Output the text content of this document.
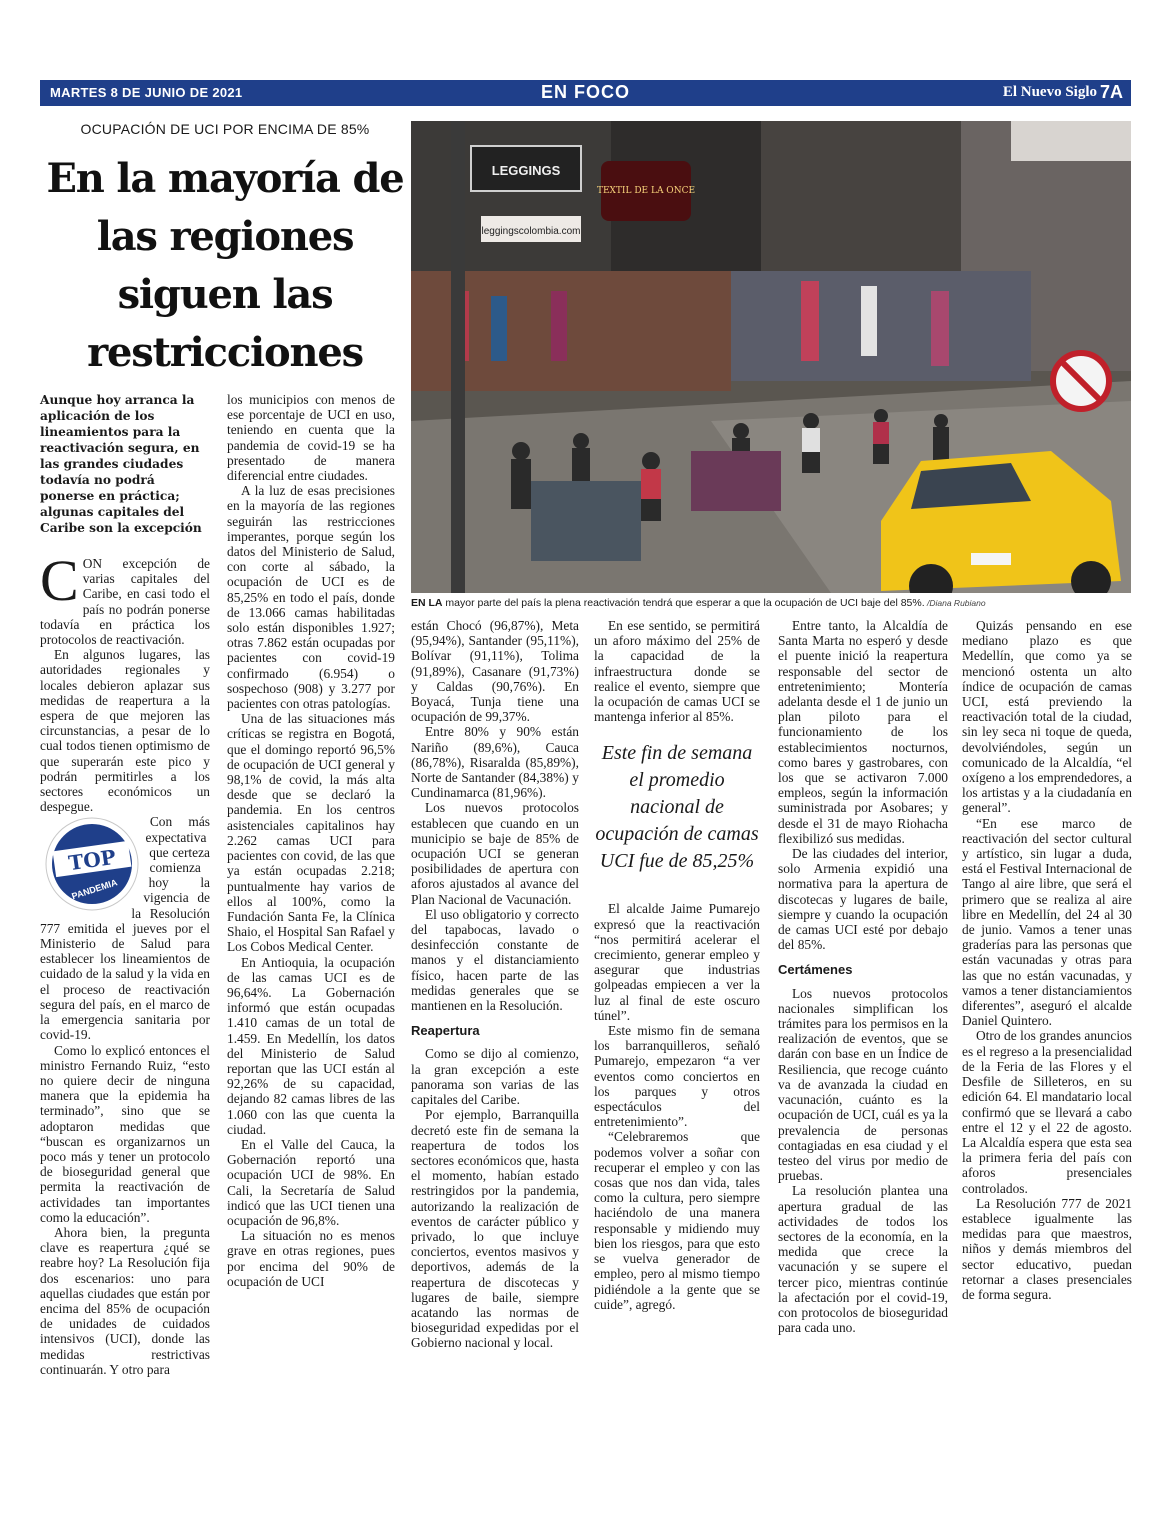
MARTES 8 DE JUNIO DE 2021	EN FOCO	El Nuevo Siglo 7A
OCUPACIÓN DE UCI POR ENCIMA DE 85%
En la mayoría de las regiones siguen las restricciones
LEGGINGS
leggingscolombia.com
TEXTIL DE LA ONCE
EN LA mayor parte del país la plena reactivación tendrá que esperar a que la ocupación de UCI baje del 85%. /Diana Rubiano

Aunque hoy arranca la aplicación de los lineamientos para la reactivación segura, en las grandes ciudades todavía no podrá ponerse en práctica; algunas capitales del Caribe son la excepción

CON excepción de varias capitales del Caribe, en casi todo el país no podrán ponerse todavía en práctica los protocolos de reactivación.

En algunos lugares, las autoridades regionales y locales debieron aplazar sus medidas de reapertura a la espera de que mejoren las circunstancias, a pesar de lo cual todos tienen optimismo de que superarán este pico y podrán permitirles a los sectores económicos un despegue.

TOP
PANDEMIA

Con más expectativa que certeza comienza hoy la vigencia de la Resolución 777 emitida el jueves por el Ministerio de Salud para establecer los lineamientos de cuidado de la salud y la vida en el proceso de reactivación segura del país, en el marco de la emergencia sanitaria por covid-19.

Como lo explicó entonces el ministro Fernando Ruiz, “esto no quiere decir de ninguna manera que la epidemia ha terminado”, sino que se adoptaron medidas que “buscan es organizarnos un poco más y tener un protocolo de bioseguridad general que permita la reactivación de actividades tan importantes como la educación”.

Ahora bien, la pregunta clave es reapertura ¿qué se reabre hoy? La Resolución fija dos escenarios: uno para aquellas ciudades que están por encima del 85% de ocupación de unidades de cuidados intensivos (UCI), donde las medidas restrictivas continuarán. Y otro para

los municipios con menos de ese porcentaje de UCI en uso, teniendo en cuenta que la pandemia de covid-19 se ha presentado de manera diferencial entre ciudades.

A la luz de esas precisiones en la mayoría de las regiones seguirán las restricciones imperantes, porque según los datos del Ministerio de Salud, con corte al sábado, la ocupación de UCI es de 85,25% en todo el país, donde de 13.066 camas habilitadas solo están disponibles 1.927; otras 7.862 están ocupadas por pacientes con covid-19 confirmado (6.954) o sospechoso (908) y 3.277 por pacientes con otras patologías.

Una de las situaciones más críticas se registra en Bogotá, que el domingo reportó 96,5% de ocupación de UCI general y 98,1% de covid, la más alta desde que se declaró la pandemia. En los centros asistenciales capitalinos hay 2.262 camas UCI para pacientes con covid, de las que ya están ocupadas 2.218; puntualmente hay varios de ellos al 100%, como la Fundación Santa Fe, la Clínica Shaio, el Hospital San Rafael y Los Cobos Medical Center.

En Antioquia, la ocupación de las camas UCI es de 96,64%. La Gobernación informó que están ocupadas 1.410 camas de un total de 1.459. En Medellín, los datos del Ministerio de Salud reportan que las UCI están al 92,26% de su capacidad, dejando 82 camas libres de las 1.060 con las que cuenta la ciudad.

En el Valle del Cauca, la Gobernación reportó una ocupación UCI de 98%. En Cali, la Secretaría de Salud indicó que las UCI tienen una ocupación de 96,8%.

La situación no es menos grave en otras regiones, pues por encima del 90% de ocupación de UCI

están Chocó (96,87%), Meta (95,94%), Santander (95,11%), Bolívar (91,11%), Tolima (91,89%), Casanare (91,73%) y Caldas (90,76%). En Boyacá, Tunja tiene una ocupación de 99,37%.

Entre 80% y 90% están Nariño (89,6%), Cauca (86,78%), Risaralda (85,89%), Norte de Santander (84,38%) y Cundinamarca (81,96%).

Los nuevos protocolos establecen que cuando en un municipio se baje de 85% de ocupación UCI se generan posibilidades de apertura con aforos ajustados al avance del Plan Nacional de Vacunación.

El uso obligatorio y correcto del tapabocas, lavado o desinfección constante de manos y el distanciamiento físico, hacen parte de las medidas generales que se mantienen en la Resolución.

Reapertura

Como se dijo al comienzo, la gran excepción a este panorama son varias de las capitales del Caribe.

Por ejemplo, Barranquilla decretó este fin de semana la reapertura de todos los sectores económicos que, hasta el momento, habían estado restringidos por la pandemia, autorizando la realización de eventos de carácter público y privado, lo que incluye conciertos, eventos masivos y deportivos, además de la reapertura de discotecas y lugares de baile, siempre acatando las normas de bioseguridad expedidas por el Gobierno nacional y local.

En ese sentido, se permitirá un aforo máximo del 25% de la capacidad de la infraestructura donde se realice el evento, siempre que la ocupación de camas UCI se mantenga inferior al 85%.

Este fin de semana el promedio nacional de ocupación de camas UCI fue de 85,25%

El alcalde Jaime Pumarejo expresó que la reactivación “nos permitirá acelerar el crecimiento, generar empleo y asegurar que industrias golpeadas empiecen a ver la luz al final de este oscuro túnel”.

Este mismo fin de semana los barranquilleros, señaló Pumarejo, empezaron “a ver eventos como conciertos en los parques y otros espectáculos del entretenimiento”.

“Celebraremos que podemos volver a soñar con recuperar el empleo y con las cosas que nos dan vida, tales como la cultura, pero siempre haciéndolo de una manera responsable y midiendo muy bien los riesgos, para que esto se vuelva generador de empleo, pero al mismo tiempo pidiéndole a la gente que se cuide”, agregó.

Entre tanto, la Alcaldía de Santa Marta no esperó y desde el puente inició la reapertura responsable del sector de entretenimiento; Montería adelanta desde el 1 de junio un plan piloto para el funcionamiento de los establecimientos nocturnos, como bares y gastrobares, con los que se activaron 7.000 empleos, según la información suministrada por Asobares; y desde el 31 de mayo Riohacha flexibilizó sus medidas.

De las ciudades del interior, solo Armenia expidió una normativa para la apertura de discotecas y lugares de baile, siempre y cuando la ocupación de camas UCI esté por debajo del 85%.

Certámenes

Los nuevos protocolos nacionales simplifican los trámites para los permisos en la realización de eventos, que se darán con base en un Índice de Resiliencia, que recoge cuánto va de avanzada la ciudad en vacunación, cuánto es la ocupación de UCI, cuál es ya la prevalencia de personas contagiadas en esa ciudad y el testeo del virus por medio de pruebas.

La resolución plantea una apertura gradual de las actividades de todos los sectores de la economía, en la medida que crece la vacunación y se supere el tercer pico, mientras continúe la afectación por el covid-19, con protocolos de bioseguridad para cada uno.

Quizás pensando en ese mediano plazo es que Medellín, que como ya se mencionó ostenta un alto índice de ocupación de camas UCI, está previendo la reactivación total de la ciudad, sin ley seca ni toque de queda, devolviéndoles, según un comunicado de la Alcaldía, “el oxígeno a los emprendedores, a los artistas y a la ciudadanía en general”.

“En ese marco de reactivación del sector cultural y artístico, sin lugar a duda, está el Festival Internacional de Tango al aire libre, que será el primero que se realiza al aire libre en Medellín, del 24 al 30 de junio. Vamos a tener unas graderías para las personas que están vacunadas y otras para las que no están vacunadas, y vamos a tener distanciamientos diferentes”, aseguró el alcalde Daniel Quintero.

Otro de los grandes anuncios es el regreso a la presencialidad de la Feria de las Flores y el Desfile de Silleteros, en su edición 64. El mandatario local confirmó que se llevará a cabo entre el 12 y el 22 de agosto. La Alcaldía espera que esta sea la primera feria del país con aforos presenciales controlados.

La Resolución 777 de 2021 establece igualmente las medidas para que maestros, niños y demás miembros del sector educativo, puedan retornar a clases presenciales de forma segura.
